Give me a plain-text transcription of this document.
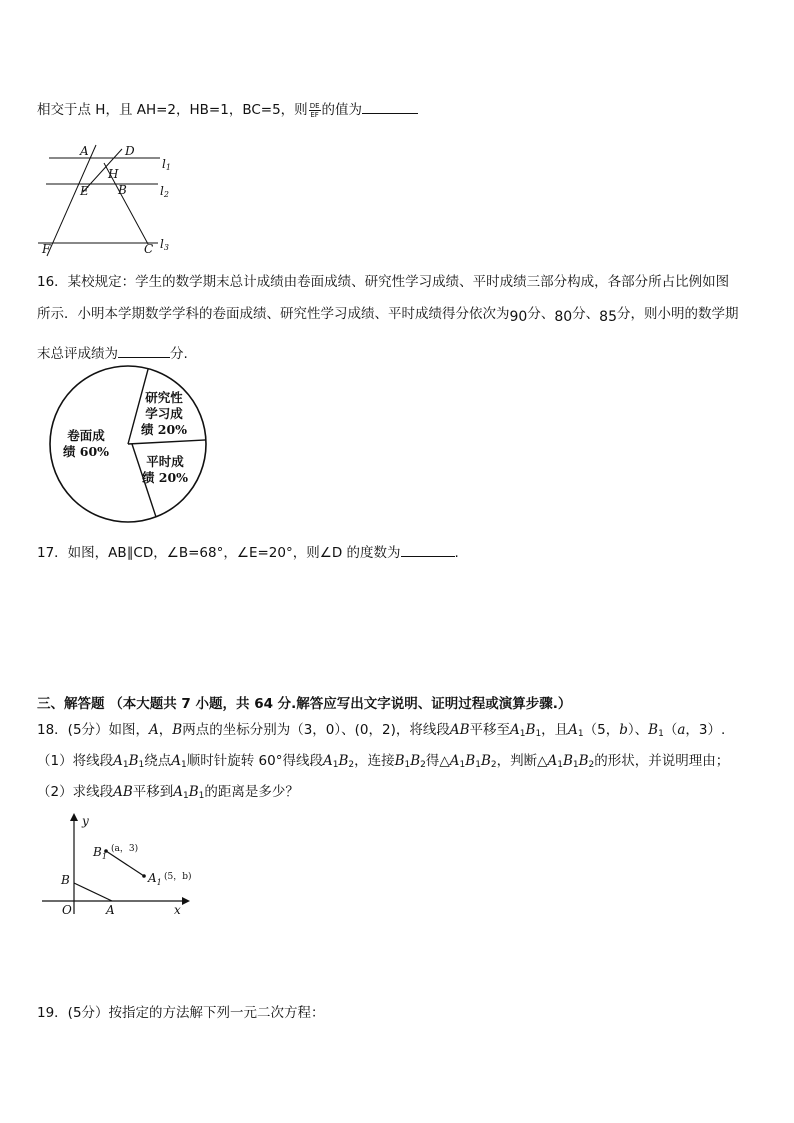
相交于点 H，且 AH=2，HB=1，BC=5，则 $\frac{DE}{EF}$ 的值为
A	D
H
E B
F	C
l1
l2
l3
16．某校规定：学生的数学期末总计成绩由卷面成绩、研究性学习成绩、平时成绩三部分构成，各部分所占比例如图
所示．小明本学期数学学科的卷面成绩、研究性学习成绩、平时成绩得分依次为90分、80分、85分，则小明的数学期
末总评成绩为	分.
卷面成
绩 60%
研究性
学习成
绩 20%
平时成
绩 20%
17．如图，AB∥CD，∠B=68°，∠E=20°，则∠D 的度数为	.
三、解答题 （本大题共 7 小题，共 64 分.解答应写出文字说明、证明过程或演算步骤.）
18．(5分）如图，A，B两点的坐标分别为（3，0）、(0，2)，将线段AB平移至$A_1B_1$，且$A_1(5$，b）、$B_1(a$，3）.
（1）将线段$A_1B_1$绕点$A_1$顺时针旋转 60°得线段$A_1B_2$，连接$B_1B_2$得$\triangle A_1B_1B_2$，判断$\triangle A_1B_1B_2$的形状，并说明理由；
（2）求线段AB平移到$A_1B_1$的距离是多少？
y
x
O	A
B
$B_1$
$A_1$
(a，3)
(5，b)
19．(5分）按指定的方法解下列一元二次方程：
